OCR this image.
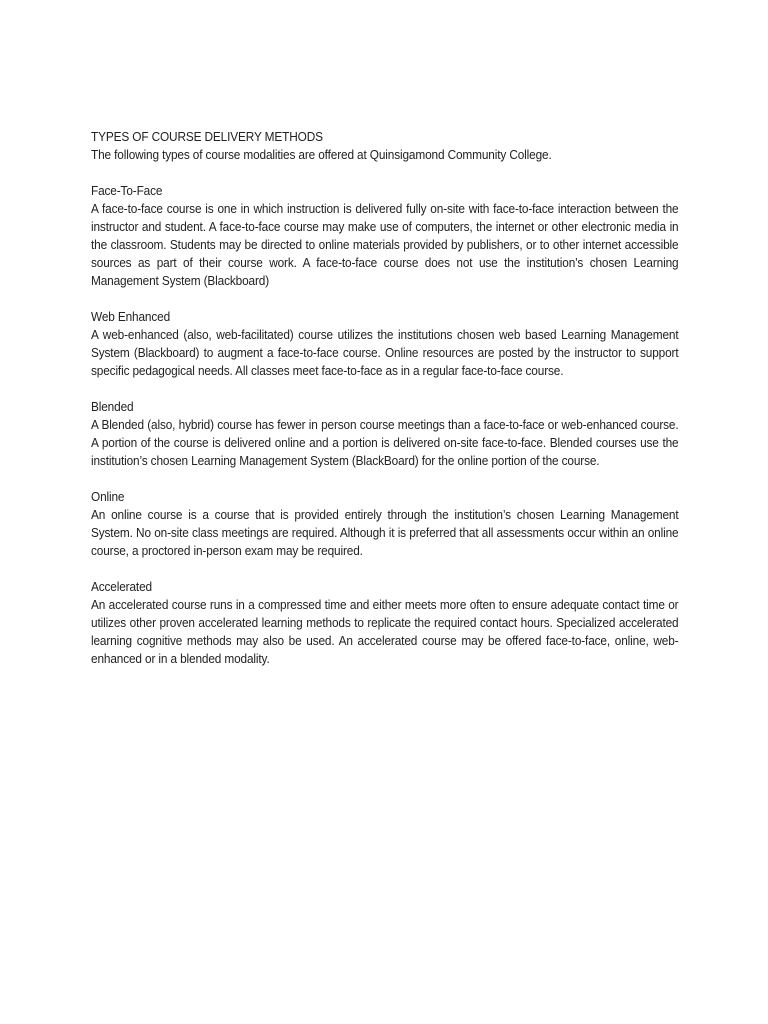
TYPES OF COURSE DELIVERY METHODS
The following types of course modalities are offered at Quinsigamond Community College.
Face-To-Face

A face-to-face course is one in which instruction is delivered fully on-site with face-to-face interaction between the instructor and student. A face-to-face course may make use of computers, the internet or other electronic media in the classroom. Students may be directed to online materials provided by publishers, or to other internet accessible sources as part of their course work. A face-to-face course does not use the institution’s chosen Learning Management System (Blackboard)

Web Enhanced

A web-enhanced (also, web-facilitated) course utilizes the institutions chosen web based Learning Management System (Blackboard) to augment a face-to-face course. Online resources are posted by the instructor to support specific pedagogical needs. All classes meet face-to-face as in a regular face-to-face course.

Blended

A Blended (also, hybrid) course has fewer in person course meetings than a face-to-face or web-enhanced course. A portion of the course is delivered online and a portion is delivered on-site face-to-face. Blended courses use the institution’s chosen Learning Management System (BlackBoard) for the online portion of the course.

Online

An online course is a course that is provided entirely through the institution’s chosen Learning Management System. No on-site class meetings are required. Although it is preferred that all assessments occur within an online course, a proctored in-person exam may be required.

Accelerated

An accelerated course runs in a compressed time and either meets more often to ensure adequate contact time or utilizes other proven accelerated learning methods to replicate the required contact hours. Specialized accelerated learning cognitive methods may also be used. An accelerated course may be offered face-to-face, online, web-enhanced or in a blended modality.
